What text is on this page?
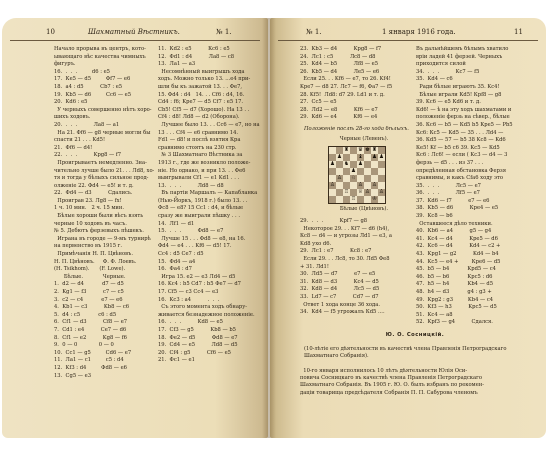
10	Шахматный Вѣстникъ.	№ 1.
Начало прорыва въ центръ, кото-
ывающаго вѣс качества чимныхъ
фигуръ.
16.  .  .  .         d6 : e5
17.  Ке5 — d5         Фf7 — e6
18.  a4 : d5          Сb7 : e5
19.  Kb5 — d6         Cc6 — e5
20.  Kd6 : e5
У черныхъ совершенно нѣтъ хоро-
шихъ ходовъ.
20.  .  .  .          Лa8 — a1
На 21. Фf6 — g8 черные могли бы
спасти 21 . . . Kd5!
21.  Фf6 — d4!
22.  .  .  .          Kpg8 — f7
Проигрываетъ немедленно. Зна-
чительно лучше было 21. . . Лd8, хо-
тя и тогда у бѣлыхъ сильное прод-
олженіе 22. Фd4 — e5! и т. д.
22.  Фd4 — d3          Сдались.
Проиграв 23. Лg8 — fx!
1 ч. 10 мин.   2 ч. 15 мин.
Бѣлые хороши были вѣсъ взять
черные 10 ходовъ въ часъ.
№ 5. Дебютъ ферзевыхъ пѣшекъ.
Играна въ городе — 9-мъ турнирѣ
на первенство въ 1915 г.
Примѣчанія Н. П. Цвѣновъ.
Н. П. Цвѣновъ.     Ф. Ф. Лоевъ.
(Н. Tsikhom).      (F. Lowe).
Бѣлые.            Черные.
1.  d2 — d4           d7 — d5
2.  Kg1 — f3          c7 — c5
3.  c2 — c4           e7 — e6
4.  Kb1 — c3          Kb8 — c6
5.  d4 : c5           c6 : d5
6.  Cf1 — d3          Cf8 — e7
7.  Cd1 : e4          Ce7 — d6
8.  Cf1 — e2          Kg8 — f6
9.  0 — 0             0 — 0
10.  Cc1 — g5         Cd6 — e7
11.  Ла1 — c1         c5 : d4
12.  Kf3 : d4         Фd8 — e6
13.  Cg5 — e3
11.  Кd2 : e5          Кc6 : e5
12.  Фd1 : d4          Лa8 — c8
13.  Ла1 — a3
Несомнѣнный выигрышъ хода
ходъ. Можно только 13. ...е4 при-
шли бы къ зажатой 13. . . Фе7,
15. Фd4 : d4   14. . . Сf6 : d4, 16.
Cd4 : f6; Kpe7 — d5 Сf7 : e5 17.
Cb5! Сf5 — d7 (Хорошо). На 13 . .
Cf4 : d8! Лd8 — d2 (Оборона).
Лучшее было 13. . . Сс6 — е7, но на
13 . . . Сf4 — e6 сравнимо 14.
Fd1 — d8! и послѣ взятия Кра
сравнимо стоятъ на 230 стр.
№ 3 Шахматнаго Вѣстника за
1913 г., где же возникло положе-
ніе. Но однако, и при 13. . . Фе6
выигрывали Cf1 — e1 Kd1 . . .
13.  .  .  .          Лd8 — d8
Въ партіи Маршалъ — Капабланка
(Нью-Йоркъ, 1918 г.) было 13. . .
Фс8 — e8? 15 Сс1 : d4, и бѣлые
сразу же выиграли пѣшку . . .
14.  Лf1 — d1
15.  .  .  .          Фd8 — e7
Лучше 15 . . . Фd8 — e8, на 16.
Фd4 — e4 . . . Kf6 — d5! 17.
Сc4 : d5 Сe7 : d5
15.  Фd4 — a4
16.  Фa4 : d7
Игра 15. e2 — e3 Лd4 — d5
16. Kc4 : b5 Cd7 : b5 Фe7 — d7
17. Cf5 — c3 Сс4 — e3
16.  Kc3 : a4          .  .  .
Съ этого момента ходъ обнару-
живается безнадежное положеніе.
16.  .  .  .          Kd8 — e5
17.  Cf3 — g5          Kb8 — b5
18.  Фe2 — d5          Фd8 — e7
19.  Cd4 — e5          Лd8 — d5
20.  Cf4 : g5          Cf6 — e5
21.  Фc1 — e1
№ 1.	1 января 1916 года.	11
23.  Kb3 — d4          Kpg8 — f7
24.  Лc1 : c5          Лc8 — d8
25.  Kd4 — b5          Лf8 — e5
26.  Kb5 — d4          Лe5 — e6
Если 25. . . Kf6 — e7, то 26. Kf4!
Kpe7 — d8 27. Лс7 — f6, Фа7 — f5
28. Kf5!  Лd8: d7 29. Ld1 и т. д.
27.  Cc5 — e5
28.  Лd2 — e8          Kf6 — e7
29.  Kd6 — e4          Kf6 — e4
Положеніе послѣ 28-го хода бѣлыхъ.
Черные (Левенъ).
♜ ♛ ♚ ♜
♟	♝ ♟ ♟
♟ ♞ ♟
♟
♙ ♘
♙	♙ ♙
♖ ♕ ♙ ♙
♖	♔
Бѣлые (Цвѣновъ).
29.  .  .  .          Kpf7 — g8
Некоторое 29. . . Kf7 — d6 (h4),
Кс8 — d4 — и угрозы Лd1 — e3, а
Kd8 ухо d6.
29.  Лс1 : e7          Kc8 : e7
Если 29. . . Лс8, то 30. Лd5 Фе8
+ 31. Лd1!
30.  Лd5 — d7          e7 — e5
31.  Kd8 — d3          Kс4 — d5
32.  Kd8 — d4          Лс5 — d5
33.  Ld7 — c7          Cd7 — d7
Ответ 1 хода конце 36 хода.
34.  Kd4 — f5 угрожалъ Кd5 ....
Въ дальнѣйшемъ бѣлымъ хватило
вріи ладей 41 ферзей. Черныхъ
приходится силой
34.  .  .  .          Kc7 — f5
35.  Kd4 — c6
Ради бѣлые играютъ 35. Kс4!
Бѣлые играли Кd5! Кpf8 — g8
39. Kc6 — e5 Кd6 и т. д.
Кd6! — ѣ на эту ходъ шахматами и
положеніе ферзь на сѣвер., бѣлые
36. Кс6 — b5 — Кd5 b5 Кpe5 — Рb5
Кc6: Кс5 — Кd5 — 35 . . . Лd4 —
36. Кd5 — 57 — b5 38 Kс8 — Kd6
Кe5! Kf — b5 c6 39. Kc5 — Кd5
Кс6 : Лс6! — если ( Kc3 — d4 — 3
ферзь — d5 . . . из 37 . . .
опредѣленная обстановка Ферзя
сравнимы, и какъ Сfа6 ходу это
35.  .  .  .          Лc5 — e7
36.  .  .  .          Лf5 — e7
37.  Kd6 — f7          e7 — e6
38.  Kb5 — d6          Кре4 — e5
39.  Kc8 — b6
Оставшееся дѣло техники.
40.  Кb6 — a4          g5 — g4
41.  Kc4 — d4          Kpe5 — d6
42.  Kc6 — d4          Kd4 — c2 +
43.  Kpg1 — g2          Kd4 — b4
44.  Kc5 — e4 +        Кре6 — d5
45.  b5 — b4           Kpd5 — c4
46.  b5 — b6           Kpc5 : d6
47.  h5 — h4           Kb4 — d5
48.  h4 — d3           g4 : g3 +
49.  Kpg2 : g3         Kb4 — c4
50.  Kf3 — h3          Kpc5 — d5
51.  Kc4 — a8
52.  Kpf3 — g4          Сдался.
Ю. О. Сосницкій.
(10-лѣтіе его дѣятельности въ качествѣ члена Правленія Петроградскаго Шахматнаго Собранія).
10-го января исполнилось 10 лѣтъ дѣятельности Юлія Оси-
повича Сосницкаго въ качествѣ члена Правленія Петроградскаго
Шахматнаго Собранія. Въ 1905 г. Ю. О. былъ избранъ по рекомен-
даціи товарища предсѣдателя Собранія П. П. Сабурова членомъ
